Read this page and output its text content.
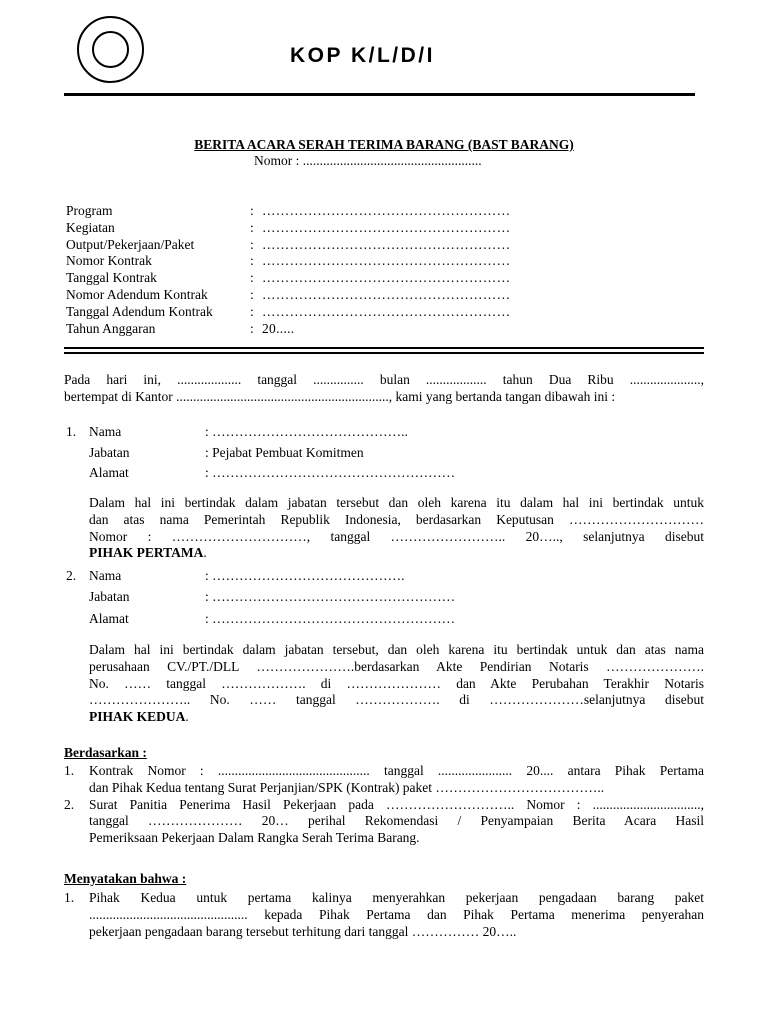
KOP K/L/D/I
BERITA ACARA SERAH TERIMA BARANG (BAST BARANG)
Nomor : .....................................................
Program	: ………………………………………………
Kegiatan	: ………………………………………………
Output/Pekerjaan/Paket	: ………………………………………………
Nomor Kontrak	: ………………………………………………
Tanggal Kontrak	: ………………………………………………
Nomor Adendum Kontrak	: ………………………………………………
Tanggal Adendum Kontrak	: ………………………………………………
Tahun Anggaran	: 20.....
Pada hari ini, ................... tanggal ............... bulan .................. tahun Dua Ribu .....................,
bertempat di Kantor ..............................................................., kami yang bertanda tangan dibawah ini :
1. Nama	: ……………………………………..
Jabatan	: Pejabat Pembuat Komitmen
Alamat	: ………………………………………………
Dalam hal ini bertindak dalam jabatan tersebut dan oleh karena itu dalam hal ini bertindak untuk
dan atas nama Pemerintah Republik Indonesia, berdasarkan Keputusan …………………………
Nomor : …………………………, tanggal …………………….. 20….., selanjutnya disebut
PIHAK PERTAMA.
2. Nama	: …………………………………….
Jabatan	: ………………………………………………
Alamat	: ………………………………………………
Dalam hal ini bertindak dalam jabatan tersebut, dan oleh karena itu bertindak untuk dan atas nama
perusahaan CV./PT./DLL ………………….berdasarkan Akte Pendirian Notaris ………………….
No. …… tanggal ………………. di ………………… dan Akte Perubahan Terakhir Notaris
………………….. No. …… tanggal ………………. di …………………selanjutnya disebut
PIHAK KEDUA.
Berdasarkan :
1. Kontrak Nomor : ............................................. tanggal ...................... 20.... antara Pihak Pertama
dan Pihak Kedua tentang Surat Perjanjian/SPK (Kontrak) paket ………………………………..
2. Surat Panitia Penerima Hasil Pekerjaan pada ……………………….. Nomor : ................................,
tanggal ………………… 20… perihal Rekomendasi / Penyampaian Berita Acara Hasil
Pemeriksaan Pekerjaan Dalam Rangka Serah Terima Barang.
Menyatakan bahwa :
1. Pihak Kedua untuk pertama kalinya menyerahkan pekerjaan pengadaan barang paket
............................................... kepada Pihak Pertama dan Pihak Pertama menerima penyerahan
pekerjaan pengadaan barang tersebut terhitung dari tanggal …………… 20…..
